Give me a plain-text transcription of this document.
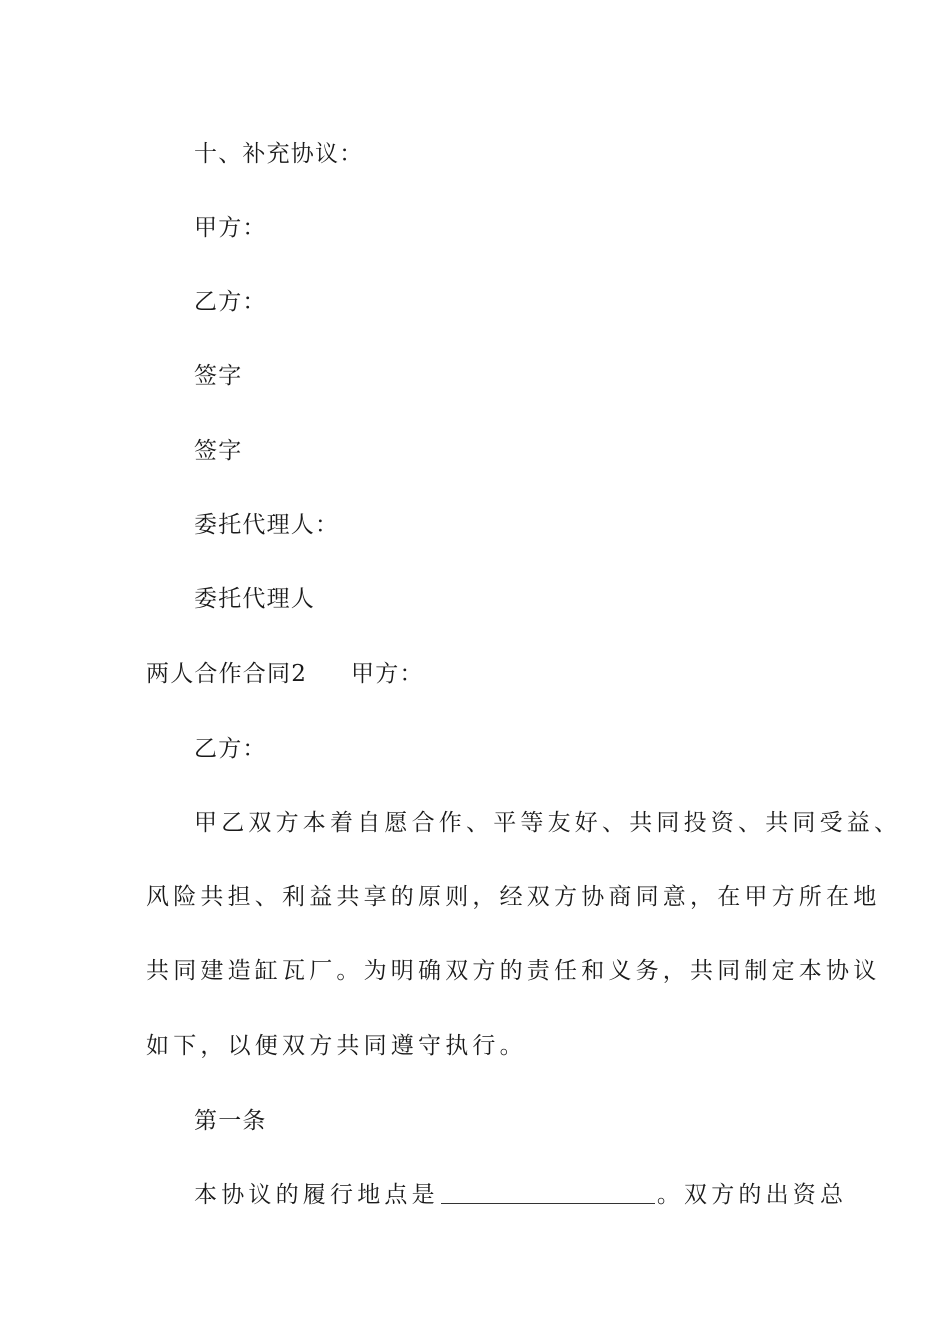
十、补充协议：
甲方：
乙方：
签字
签字
委托代理人：
委托代理人
两人合作合同2 甲方：
乙方：
甲乙双方本着自愿合作、平等友好、共同投资、共同受益、
风险共担、利益共享的原则，经双方协商同意，在甲方所在地
共同建造缸瓦厂。为明确双方的责任和义务，共同制定本协议
如下，以便双方共同遵守执行。
第一条
本协议的履行地点是	。双方的出资总
